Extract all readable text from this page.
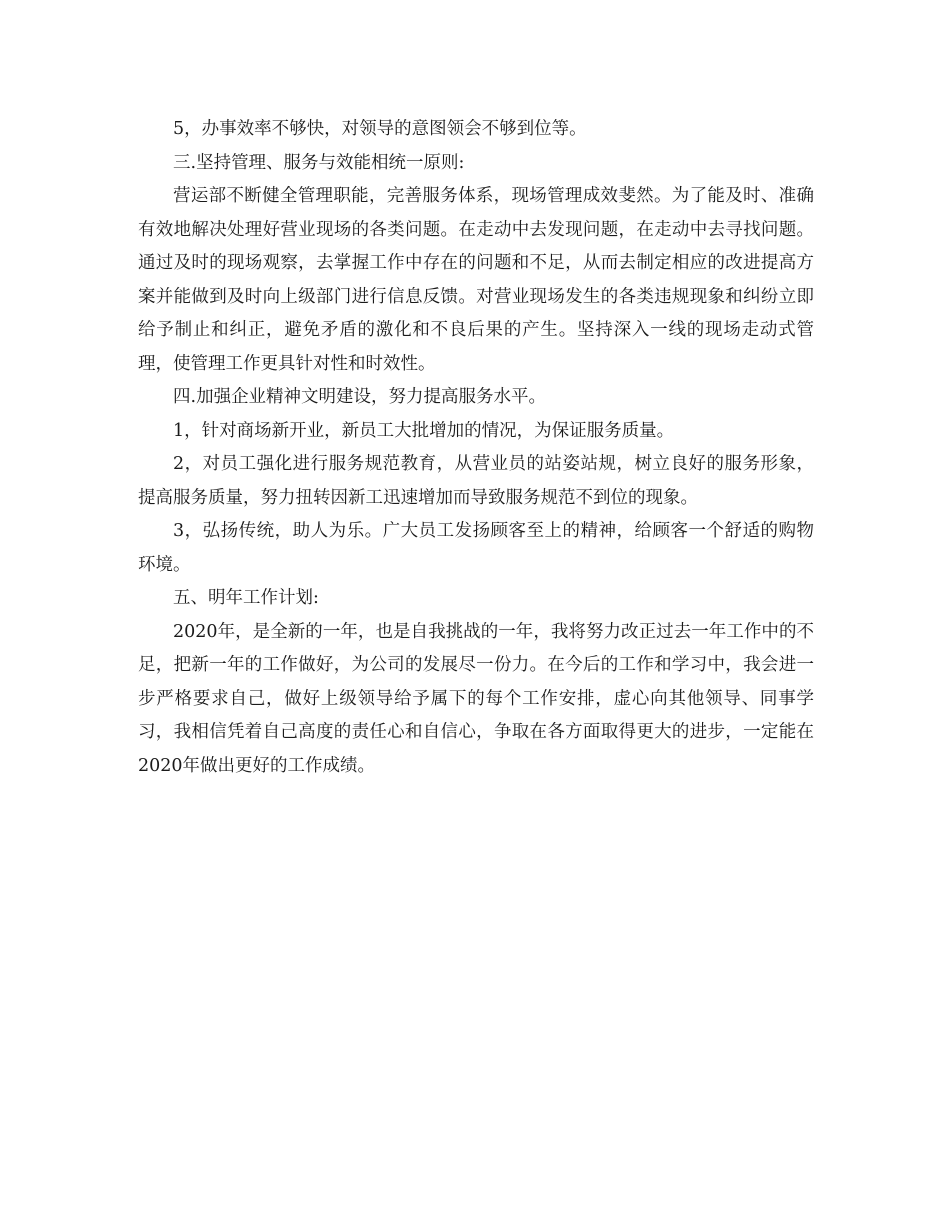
5，办事效率不够快，对领导的意图领会不够到位等。

三.坚持管理、服务与效能相统一原则:

营运部不断健全管理职能，完善服务体系，现场管理成效斐然。为了能及时、准确有效地解决处理好营业现场的各类问题。在走动中去发现问题，在走动中去寻找问题。通过及时的现场观察，去掌握工作中存在的问题和不足，从而去制定相应的改进提高方案并能做到及时向上级部门进行信息反馈。对营业现场发生的各类违规现象和纠纷立即给予制止和纠正，避免矛盾的激化和不良后果的产生。坚持深入一线的现场走动式管理，使管理工作更具针对性和时效性。

四.加强企业精神文明建设，努力提高服务水平。

1，针对商场新开业，新员工大批增加的情况，为保证服务质量。

2，对员工强化进行服务规范教育，从营业员的站姿站规，树立良好的服务形象，提高服务质量，努力扭转因新工迅速增加而导致服务规范不到位的现象。

3，弘扬传统，助人为乐。广大员工发扬顾客至上的精神，给顾客一个舒适的购物环境。

五、明年工作计划:

2020年，是全新的一年，也是自我挑战的一年，我将努力改正过去一年工作中的不足，把新一年的工作做好，为公司的发展尽一份力。在今后的工作和学习中，我会进一步严格要求自己，做好上级领导给予属下的每个工作安排，虚心向其他领导、同事学习，我相信凭着自己高度的责任心和自信心，争取在各方面取得更大的进步，一定能在2020年做出更好的工作成绩。
